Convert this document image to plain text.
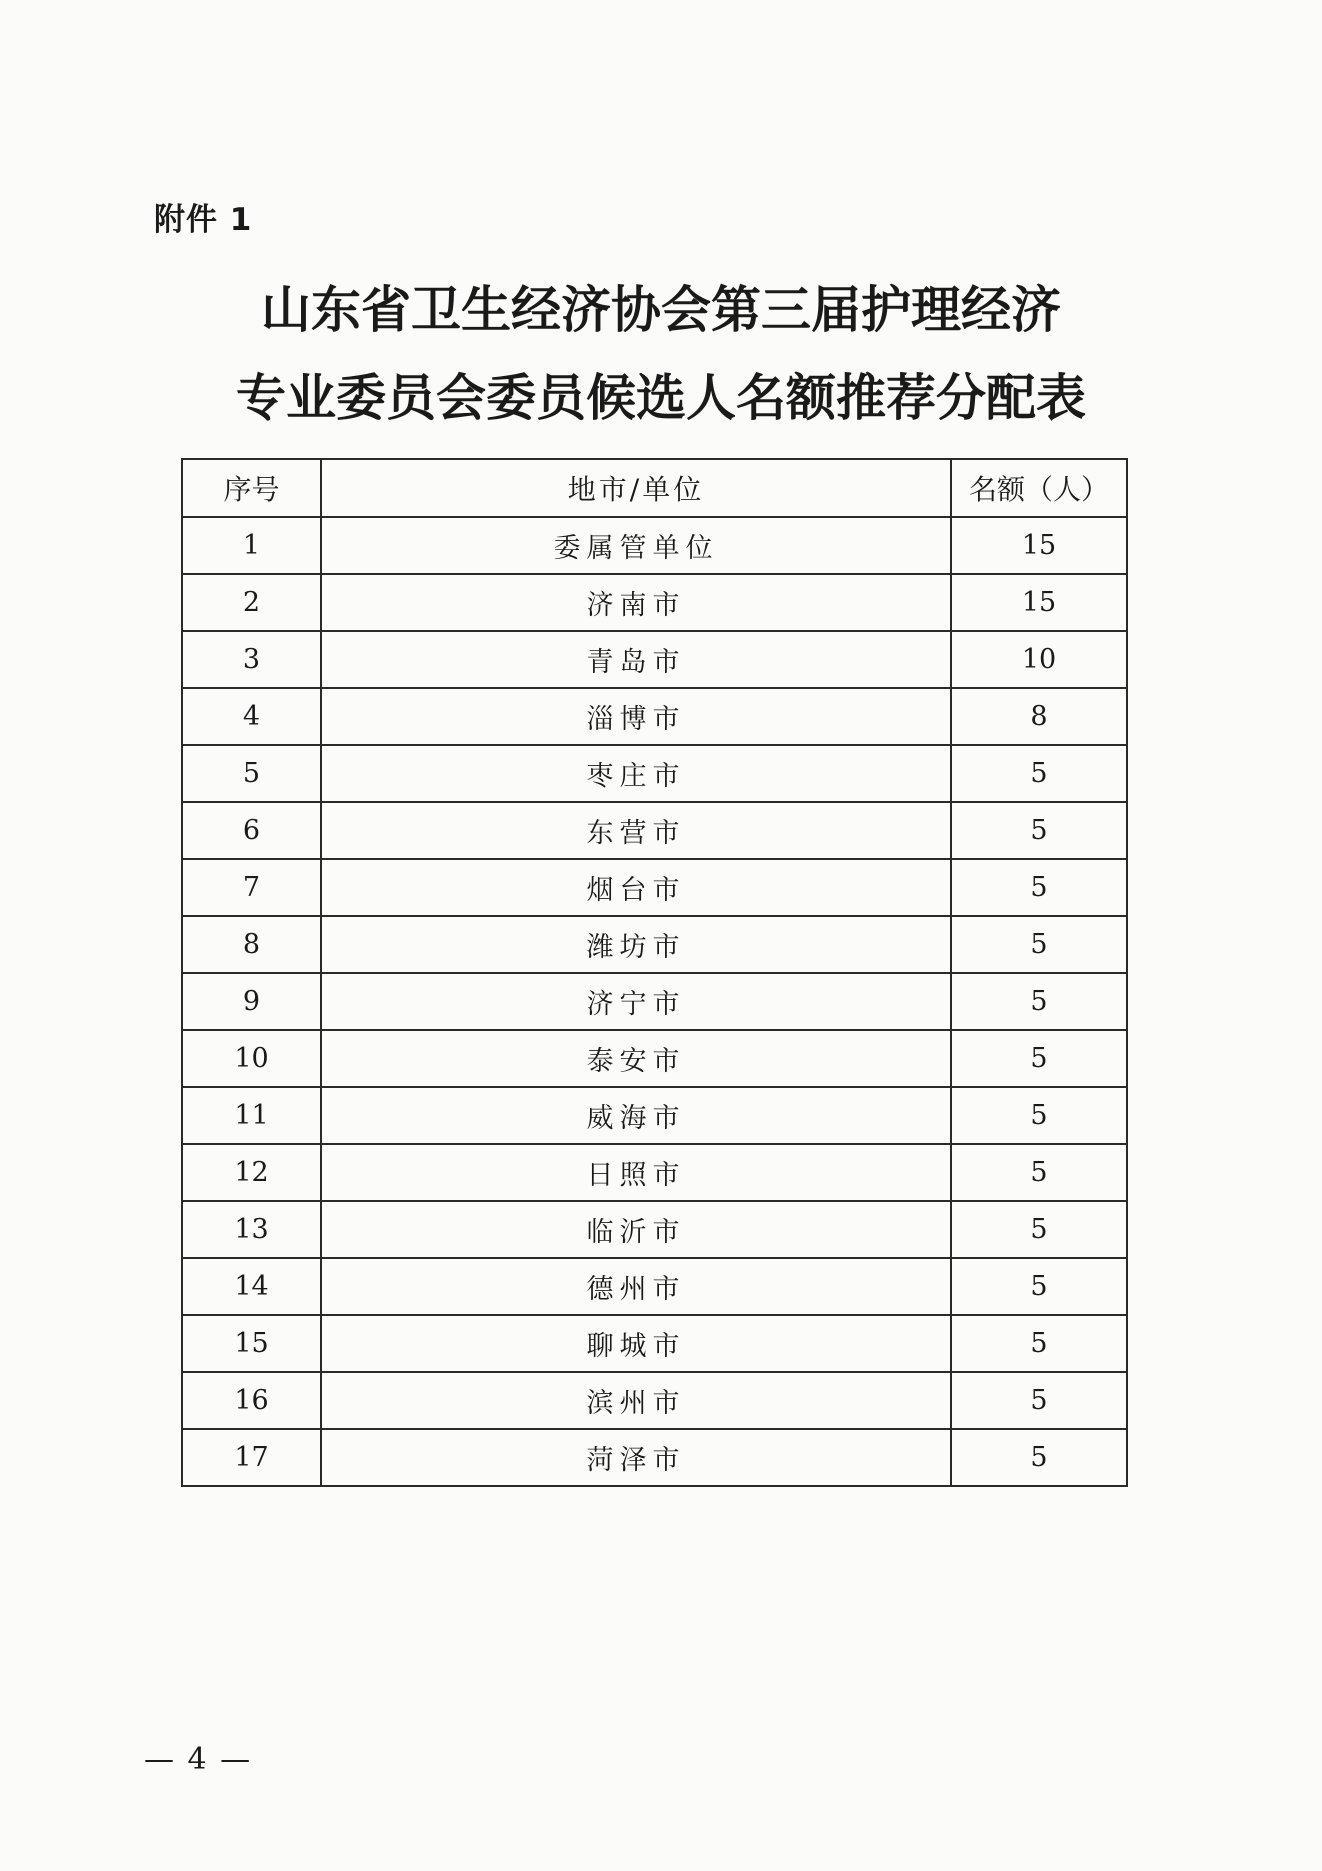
附件 1
山东省卫生经济协会第三届护理经济
专业委员会委员候选人名额推荐分配表
序号	地市/单位	名额（人）
1	委属管单位	15
2	济南市	15
3	青岛市	10
4	淄博市	8
5	枣庄市	5
6	东营市	5
7	烟台市	5
8	潍坊市	5
9	济宁市	5
10	泰安市	5
11	威海市	5
12	日照市	5
13	临沂市	5
14	德州市	5
15	聊城市	5
16	滨州市	5
17	菏泽市	5
— 4 —
